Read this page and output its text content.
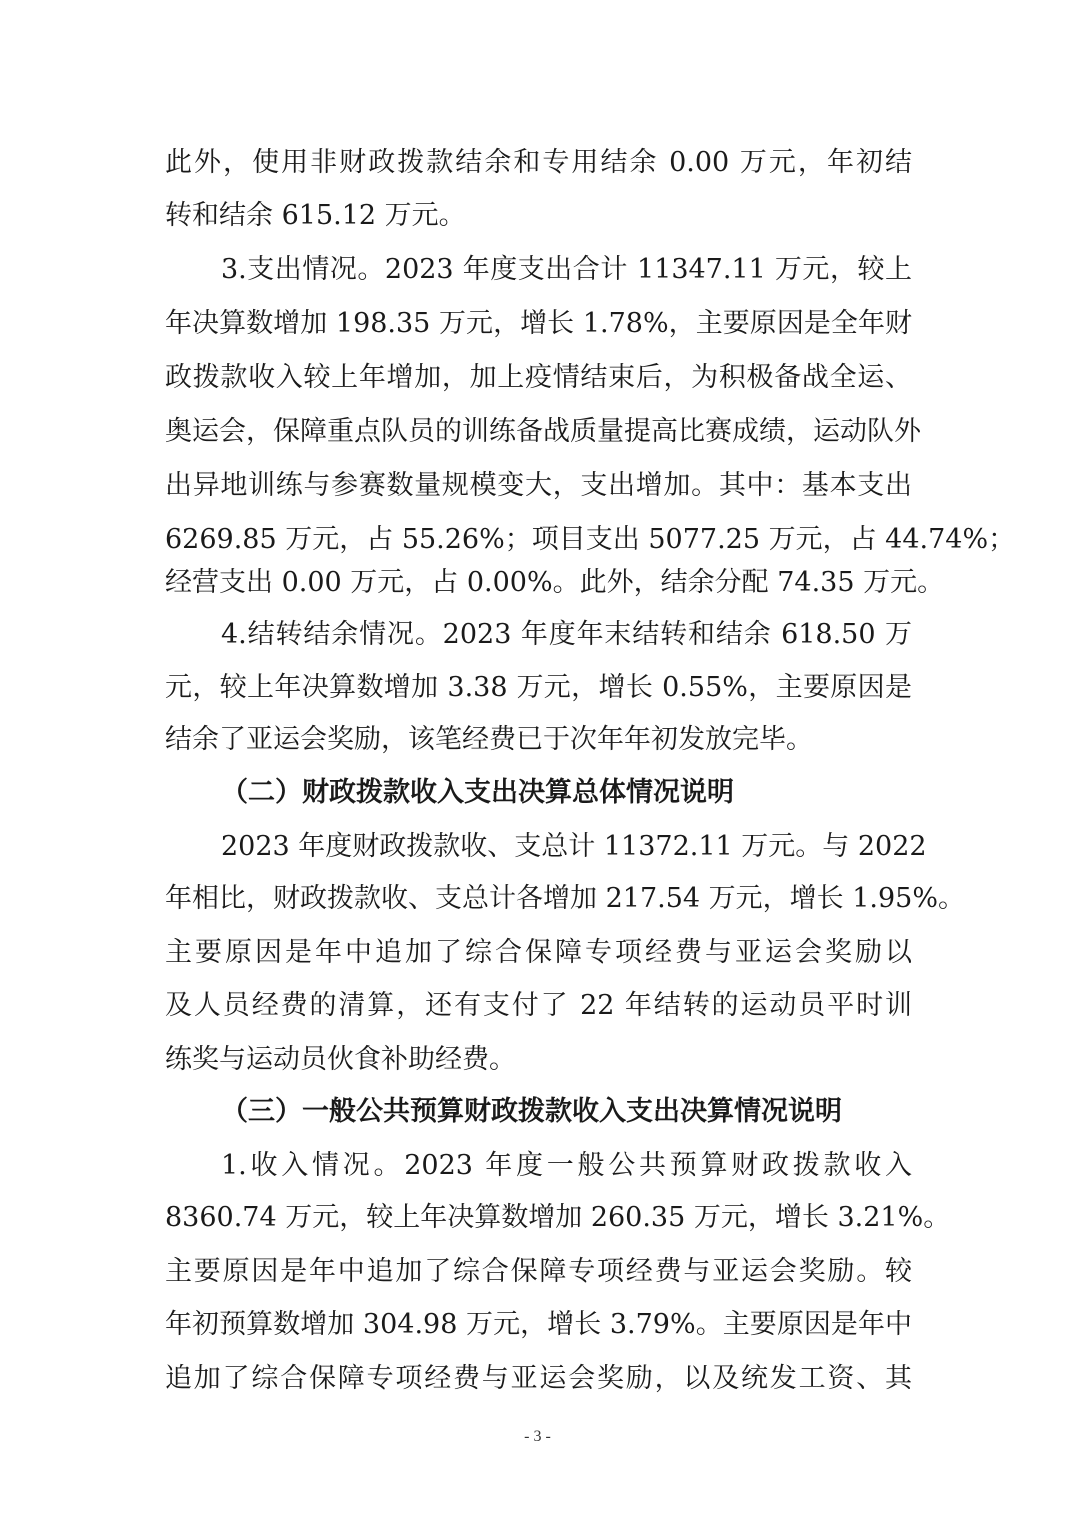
此外，使用非财政拨款结余和专用结余 0.00 万元，年初结
转和结余 615.12 万元。
3.支出情况。2023 年度支出合计 11347.11 万元，较上
年决算数增加 198.35 万元，增长 1.78%，主要原因是全年财
政拨款收入较上年增加，加上疫情结束后，为积极备战全运、
奥运会，保障重点队员的训练备战质量提高比赛成绩，运动队外
出异地训练与参赛数量规模变大，支出增加。其中：基本支出
6269.85 万元，占 55.26%；项目支出 5077.25 万元，占 44.74%；
经营支出 0.00 万元，占 0.00%。此外，结余分配 74.35 万元。
4.结转结余情况。2023 年度年末结转和结余 618.50 万
元，较上年决算数增加 3.38 万元，增长 0.55%，主要原因是
结余了亚运会奖励，该笔经费已于次年年初发放完毕。
（二）财政拨款收入支出决算总体情况说明
2023 年度财政拨款收、支总计 11372.11 万元。与 2022
年相比，财政拨款收、支总计各增加 217.54 万元，增长 1.95%。
主要原因是年中追加了综合保障专项经费与亚运会奖励以
及人员经费的清算，还有支付了 22 年结转的运动员平时训
练奖与运动员伙食补助经费。
（三）一般公共预算财政拨款收入支出决算情况说明
1.收入情况。2023 年度一般公共预算财政拨款收入
8360.74 万元，较上年决算数增加 260.35 万元，增长 3.21%。
主要原因是年中追加了综合保障专项经费与亚运会奖励。较
年初预算数增加 304.98 万元，增长 3.79%。主要原因是年中
追加了综合保障专项经费与亚运会奖励，以及统发工资、其
- 3 -
